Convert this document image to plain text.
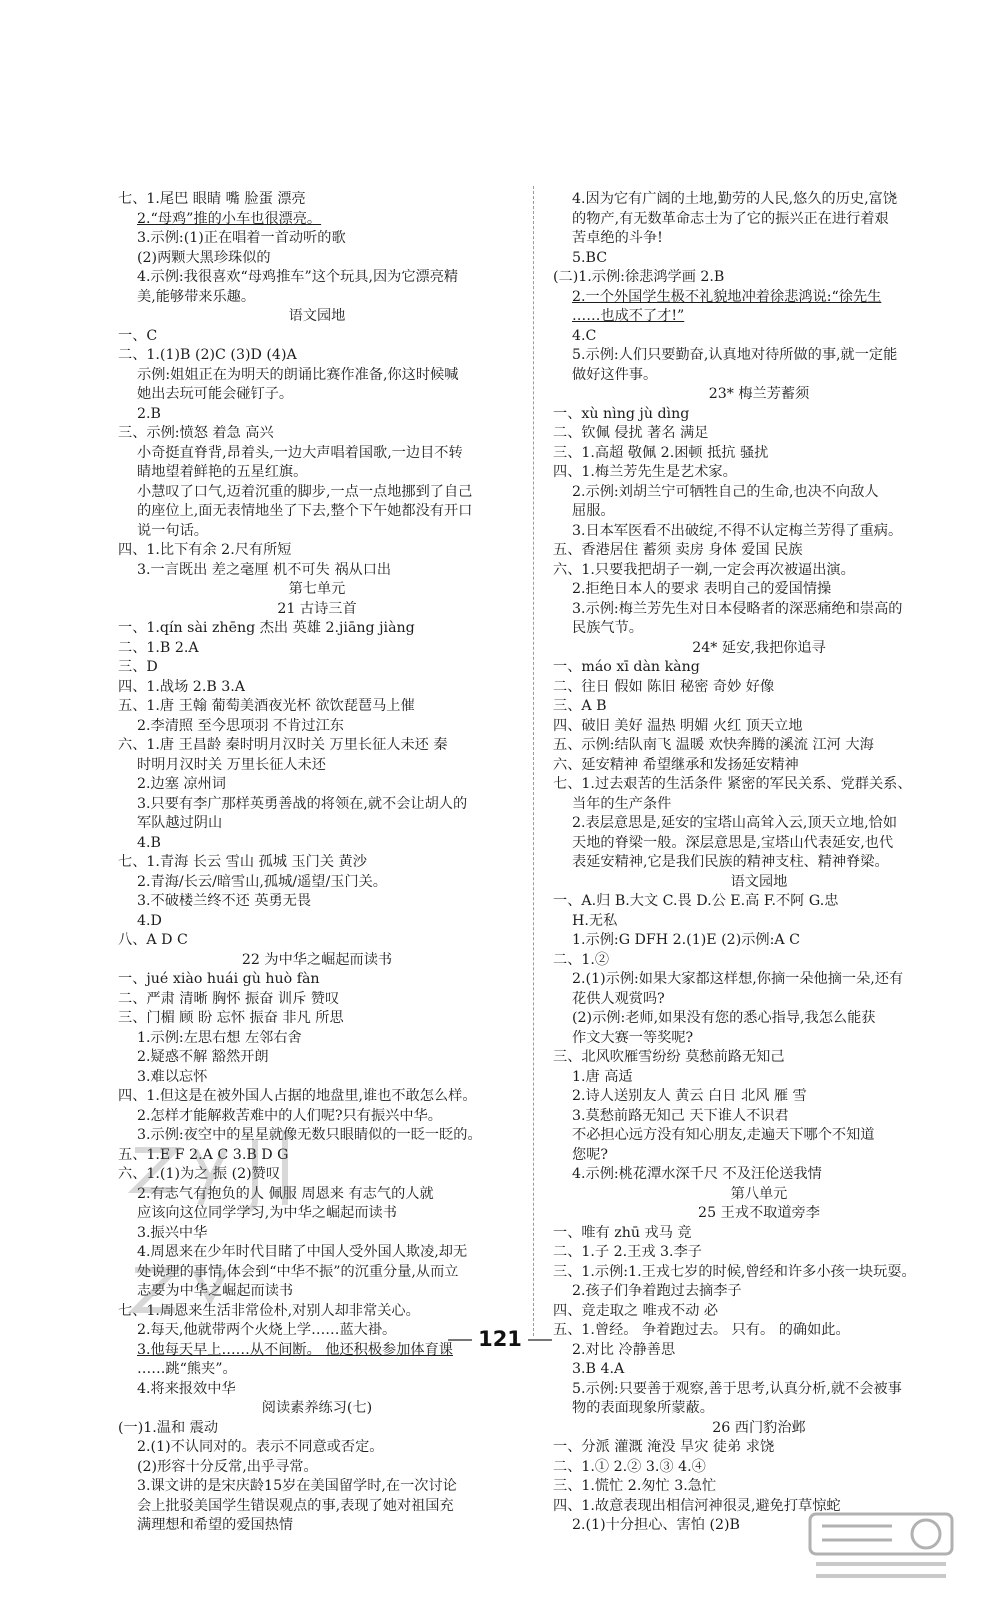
七、1.尾巴 眼睛 嘴 脸蛋 漂亮
2.“母鸡”推的小车也很漂亮。
3.示例:(1)正在唱着一首动听的歌
(2)两颗大黑珍珠似的
4.示例:我很喜欢“母鸡推车”这个玩具,因为它漂亮精
美,能够带来乐趣。
语文园地
一、C
二、1.(1)B (2)C (3)D (4)A
示例:姐姐正在为明天的朗诵比赛作准备,你这时候喊
她出去玩可能会碰钉子。
2.B
三、示例:愤怒 着急 高兴
小奇挺直脊背,昂着头,一边大声唱着国歌,一边目不转
睛地望着鲜艳的五星红旗。
小慧叹了口气,迈着沉重的脚步,一点一点地挪到了自己
的座位上,面无表情地坐了下去,整个下午她都没有开口
说一句话。
四、1.比下有余 2.尺有所短
3.一言既出 差之毫厘 机不可失 祸从口出
第七单元
21 古诗三首
一、1.qín sài zhēng 杰出 英雄 2.jiāng jiàng
二、1.B 2.A
三、D
四、1.战场 2.B 3.A
五、1.唐 王翰 葡萄美酒夜光杯 欲饮琵琶马上催
2.李清照 至今思项羽 不肯过江东
六、1.唐 王昌龄 秦时明月汉时关 万里长征人未还 秦
时明月汉时关 万里长征人未还
2.边塞 凉州词
3.只要有李广那样英勇善战的将领在,就不会让胡人的
军队越过阴山
4.B
七、1.青海 长云 雪山 孤城 玉门关 黄沙
2.青海/长云/暗雪山,孤城/遥望/玉门关。
3.不破楼兰终不还 英勇无畏
4.D
八、A D C
22 为中华之崛起而读书
一、jué xiào huái gù huò fàn
二、严肃 清晰 胸怀 振奋 训斥 赞叹
三、门楣 顾 盼 忘怀 振奋 非凡 所思
1.示例:左思右想 左邻右舍
2.疑惑不解 豁然开朗
3.难以忘怀
四、1.但这是在被外国人占据的地盘里,谁也不敢怎么样。
2.怎样才能解救苦难中的人们呢?只有振兴中华。
3.示例:夜空中的星星就像无数只眼睛似的一眨一眨的。
五、1.E F 2.A C 3.B D G
六、1.(1)为之 振 (2)赞叹
2.有志气有抱负的人 佩服 周恩来 有志气的人就
应该向这位同学学习,为中华之崛起而读书
3.振兴中华
4.周恩来在少年时代目睹了中国人受外国人欺凌,却无
处说理的事情,体会到“中华不振”的沉重分量,从而立
志要为中华之崛起而读书
七、1.周恩来生活非常俭朴,对别人却非常关心。
2.每天,他就带两个火烧上学……蓝大褂。
3.他每天早上……从不间断。 他还积极参加体育课
……跳“熊夹”。
4.将来报效中华
阅读素养练习(七)
(一)1.温和 震动
2.(1)不认同对的。表示不同意或否定。
(2)形容十分反常,出乎寻常。
3.课文讲的是宋庆龄15岁在美国留学时,在一次讨论
会上批驳美国学生错误观点的事,表现了她对祖国充
满理想和希望的爱国热情
4.因为它有广阔的土地,勤劳的人民,悠久的历史,富饶
的物产,有无数革命志士为了它的振兴正在进行着艰
苦卓绝的斗争!
5.BC
(二)1.示例:徐悲鸿学画 2.B
2.一个外国学生极不礼貌地冲着徐悲鸿说:“徐先生
……也成不了才!”
4.C
5.示例:人们只要勤奋,认真地对待所做的事,就一定能
做好这件事。
23* 梅兰芳蓄须
一、xù nìng jù dìng
二、钦佩 侵扰 著名 满足
三、1.高超 敬佩 2.困顿 抵抗 骚扰
四、1.梅兰芳先生是艺术家。
2.示例:刘胡兰宁可牺牲自己的生命,也决不向敌人
屈服。
3.日本军医看不出破绽,不得不认定梅兰芳得了重病。
五、香港居住 蓄须 卖房 身体 爱国 民族
六、1.只要我把胡子一剃,一定会再次被逼出演。
2.拒绝日本人的要求 表明自己的爱国情操
3.示例:梅兰芳先生对日本侵略者的深恶痛绝和崇高的
民族气节。
24* 延安,我把你追寻
一、máo xī dàn kàng
二、往日 假如 陈旧 秘密 奇妙 好像
三、A B
四、破旧 美好 温热 明媚 火红 顶天立地
五、示例:结队南飞 温暖 欢快奔腾的溪流 江河 大海
六、延安精神 希望继承和发扬延安精神
七、1.过去艰苦的生活条件 紧密的军民关系、党群关系、
当年的生产条件
2.表层意思是,延安的宝塔山高耸入云,顶天立地,恰如
天地的脊梁一般。深层意思是,宝塔山代表延安,也代
表延安精神,它是我们民族的精神支柱、精神脊梁。
语文园地
一、A.归 B.大文 C.畏 D.公 E.高 F.不阿 G.忠
H.无私
1.示例:G DFH 2.(1)E (2)示例:A C
二、1.②
2.(1)示例:如果大家都这样想,你摘一朵他摘一朵,还有
花供人观赏吗?
(2)示例:老师,如果没有您的悉心指导,我怎么能获
作文大赛一等奖呢?
三、北风吹雁雪纷纷 莫愁前路无知己
1.唐 高适
2.诗人送别友人 黄云 白日 北风 雁 雪
3.莫愁前路无知己 天下谁人不识君
不必担心远方没有知心朋友,走遍天下哪个不知道
您呢?
4.示例:桃花潭水深千尺 不及汪伦送我情
第八单元
25 王戎不取道旁李
一、唯有 zhū 戎马 竞
二、1.子 2.王戎 3.李子
三、1.示例:1.王戎七岁的时候,曾经和许多小孩一块玩耍。
2.孩子们争着跑过去摘李子
四、竞走取之 唯戎不动 必
五、1.曾经。 争着跑过去。 只有。 的确如此。
2.对比 冷静善思
3.B 4.A
5.示例:只要善于观察,善于思考,认真分析,就不会被事
物的表面现象所蒙蔽。
26 西门豹治邺
一、分派 灌溉 淹没 旱灾 徒弟 求饶
二、1.① 2.② 3.③ 4.④
三、1.慌忙 2.匆忙 3.急忙
四、1.故意表现出相信河神很灵,避免打草惊蛇
2.(1)十分担心、害怕 (2)B
121
